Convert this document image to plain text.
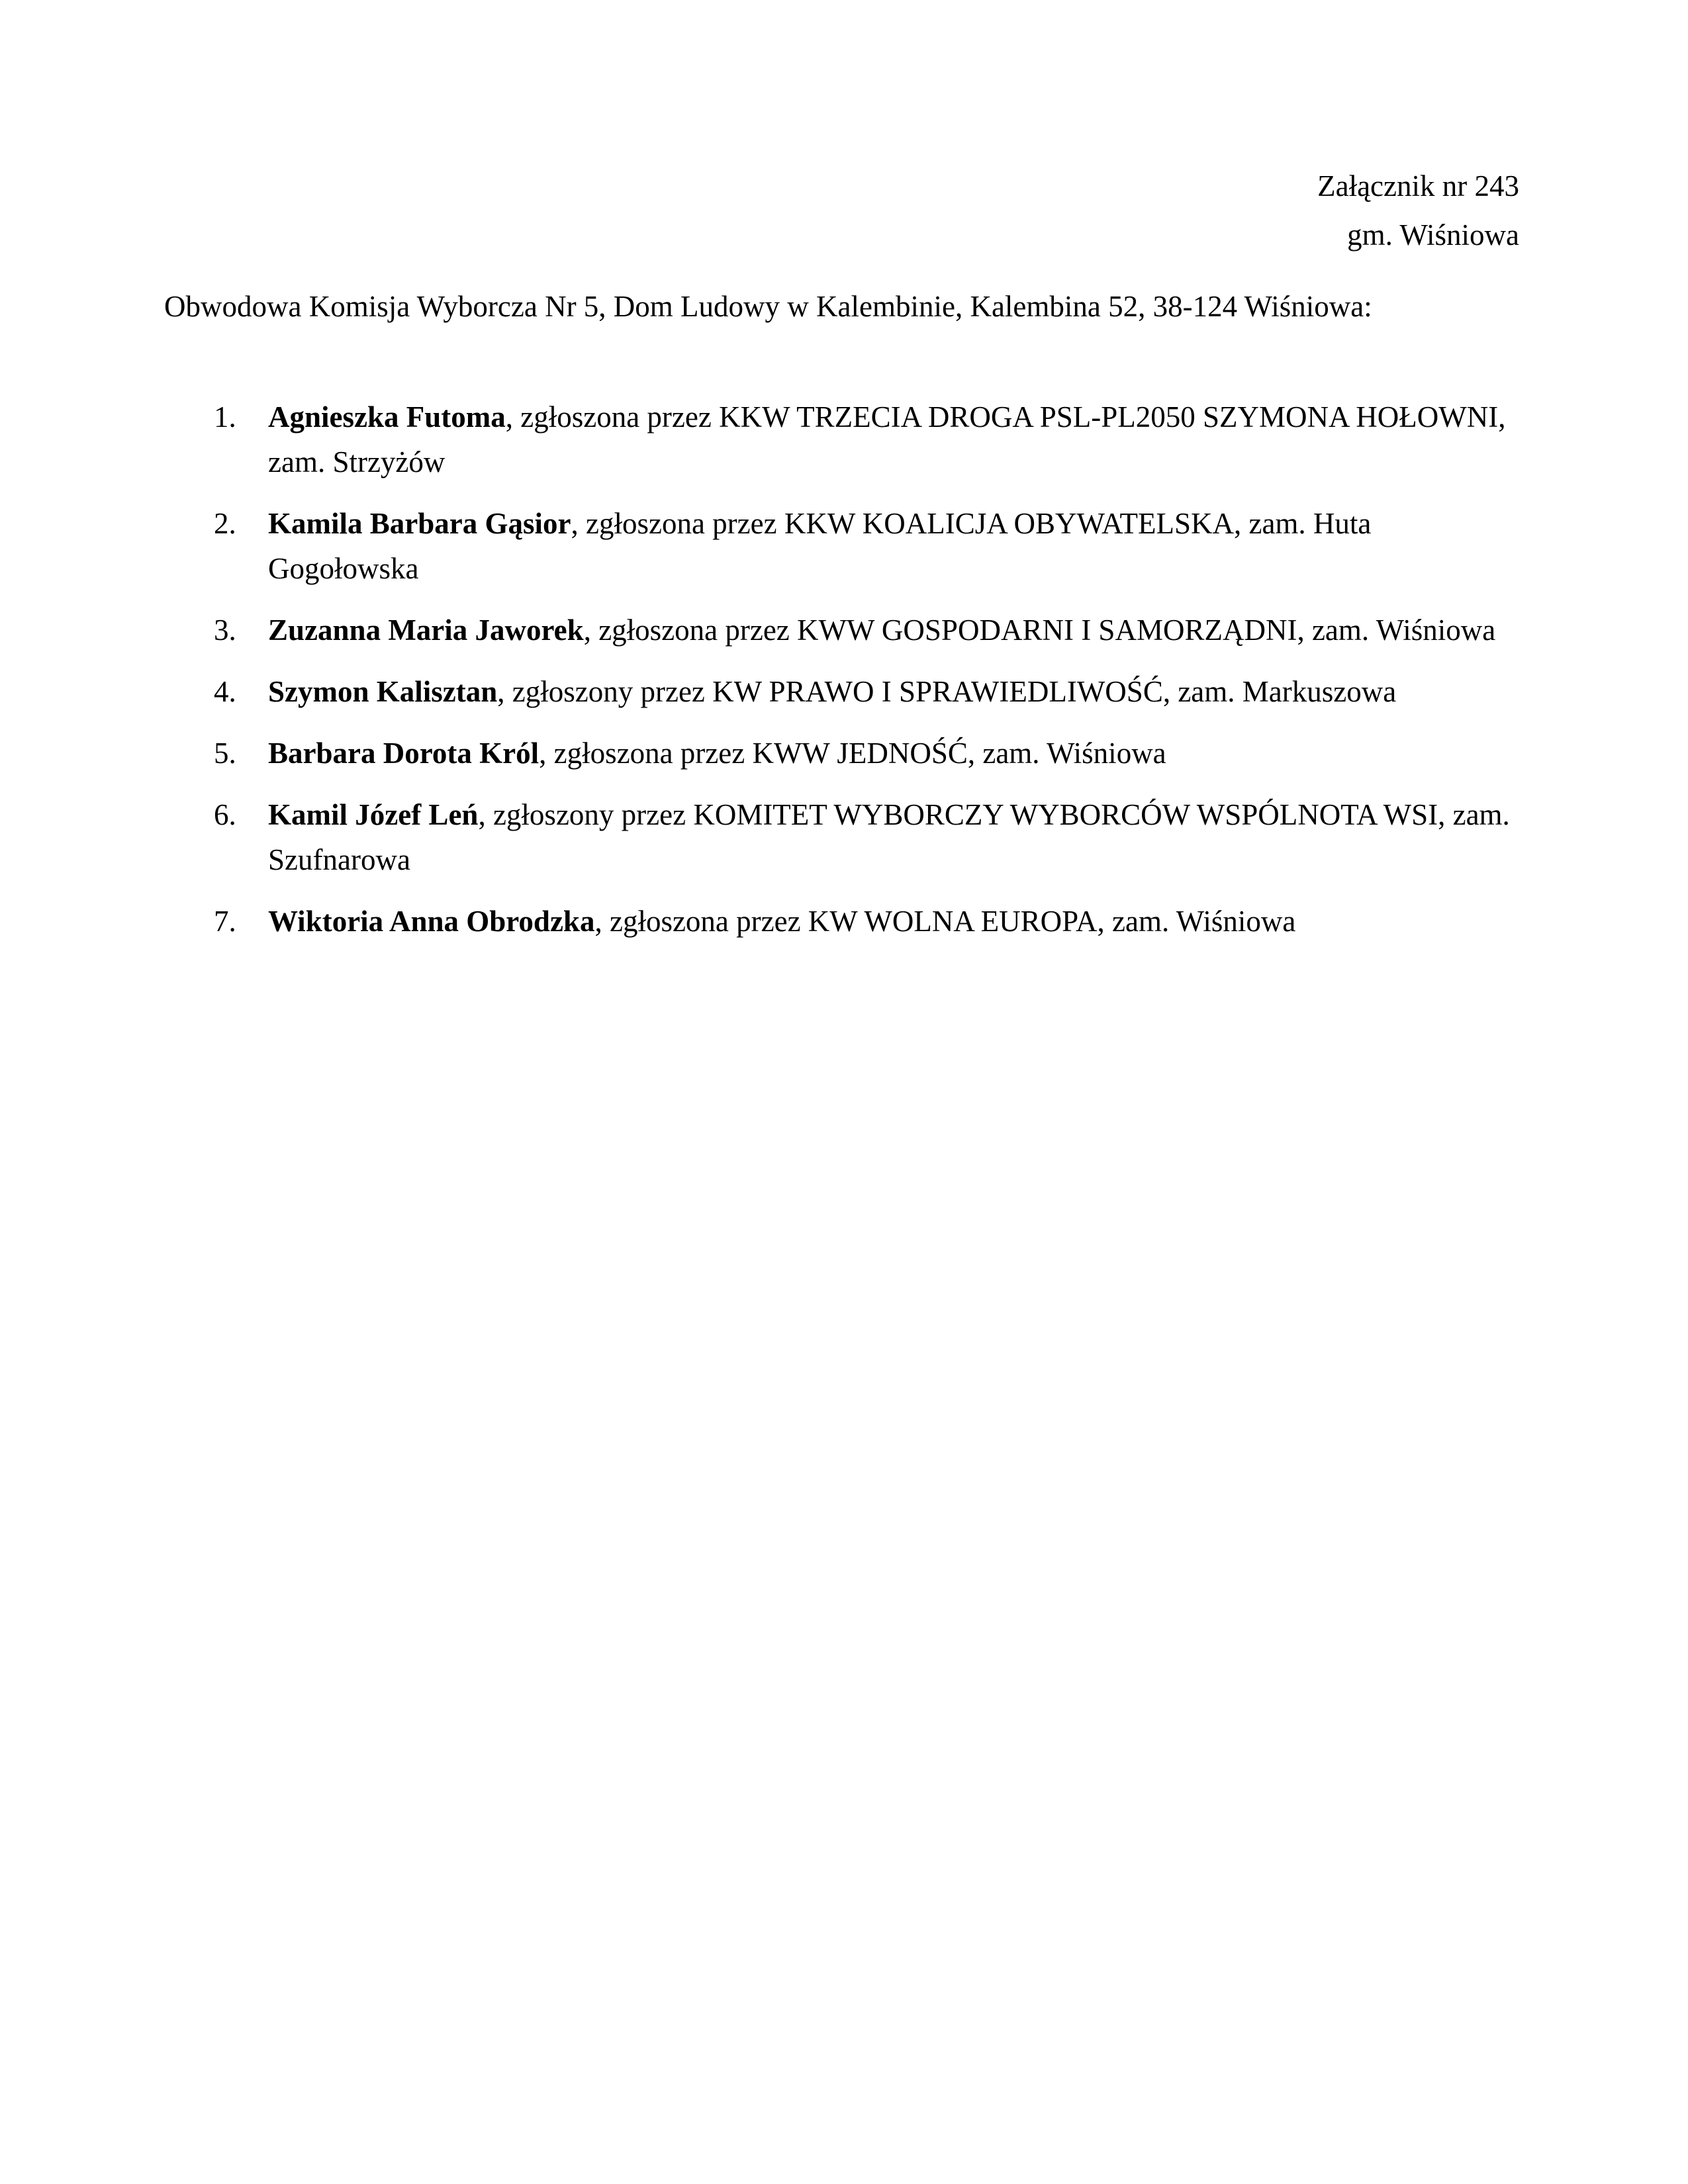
Załącznik nr 243
gm. Wiśniowa
Obwodowa Komisja Wyborcza Nr 5, Dom Ludowy w Kalembinie, Kalembina 52, 38-124 Wiśniowa:
1. Agnieszka Futoma, zgłoszona przez KKW TRZECIA DROGA PSL-PL2050 SZYMONA HOŁOWNI, zam. Strzyżów
2. Kamila Barbara Gąsior, zgłoszona przez KKW KOALICJA OBYWATELSKA, zam. Huta Gogołowska
3. Zuzanna Maria Jaworek, zgłoszona przez KWW GOSPODARNI I SAMORZĄDNI, zam. Wiśniowa
4. Szymon Kalisztan, zgłoszony przez KW PRAWO I SPRAWIEDLIWOŚĆ, zam. Markuszowa
5. Barbara Dorota Król, zgłoszona przez KWW JEDNOŚĆ, zam. Wiśniowa
6. Kamil Józef Leń, zgłoszony przez KOMITET WYBORCZY WYBORCÓW WSPÓLNOTA WSI, zam. Szufnarowa
7. Wiktoria Anna Obrodzka, zgłoszona przez KW WOLNA EUROPA, zam. Wiśniowa
